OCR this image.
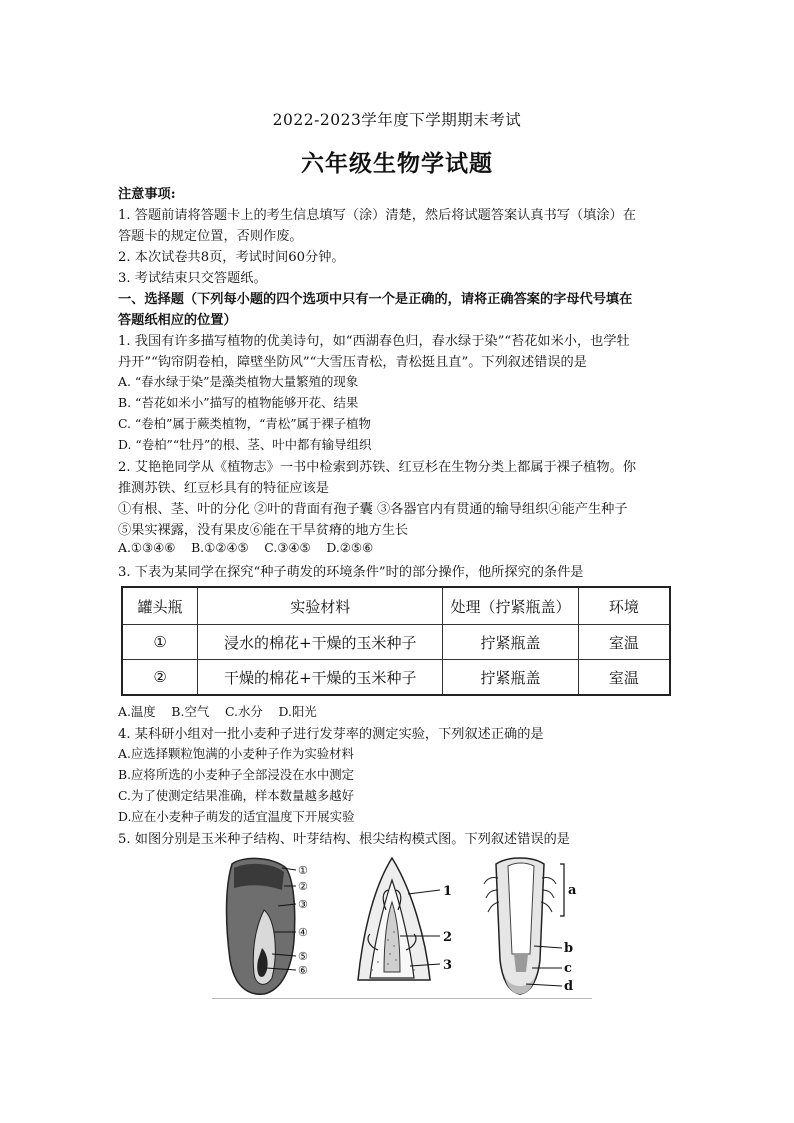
2022-2023学年度下学期期末考试
六年级生物学试题
注意事项:
1. 答题前请将答题卡上的考生信息填写（涂）清楚，然后将试题答案认真书写（填涂）在
答题卡的规定位置，否则作废。
2. 本次试卷共8页，考试时间60分钟。
3. 考试结束只交答题纸。
一、选择题（下列每小题的四个选项中只有一个是正确的，请将正确答案的字母代号填在
答题纸相应的位置）
1. 我国有许多描写植物的优美诗句，如“西湖春色归，春水绿于染”“苔花如米小，也学牡
丹开”“钩帘阴卷柏，障壁坐防风”“大雪压青松，青松挺且直”。下列叙述错误的是
A. “春水绿于染”是藻类植物大量繁殖的现象
B. “苔花如米小”描写的植物能够开花、结果
C. “卷柏”属于蕨类植物，“青松”属于裸子植物
D. “卷柏”“牡丹”的根、茎、叶中都有输导组织
2. 艾艳艳同学从《植物志》一书中检索到苏铁、红豆杉在生物分类上都属于裸子植物。你
推测苏铁、红豆杉具有的特征应该是
①有根、茎、叶的分化 ②叶的背面有孢子囊 ③各器官内有贯通的输导组织④能产生种子
⑤果实裸露，没有果皮⑥能在干旱贫瘠的地方生长
A.①③④⑥    B.①②④⑤    C.③④⑤    D.②⑤⑥
3. 下表为某同学在探究“种子萌发的环境条件”时的部分操作，他所探究的条件是
罐头瓶	实验材料	处理（拧紧瓶盖）	环境
①	浸水的棉花+干燥的玉米种子	拧紧瓶盖	室温
②	干燥的棉花+干燥的玉米种子	拧紧瓶盖	室温
A.温度    B.空气    C.水分    D.阳光
4. 某科研小组对一批小麦种子进行发芽率的测定实验，下列叙述正确的是
A.应选择颗粒饱满的小麦种子作为实验材料
B.应将所选的小麦种子全部浸没在水中测定
C.为了使测定结果准确，样本数量越多越好
D.应在小麦种子萌发的适宜温度下开展实验
5. 如图分别是玉米种子结构、叶芽结构、根尖结构模式图。下列叙述错误的是
①
②
③
④
⑤
⑥
1
2
3
a
b
c
d
